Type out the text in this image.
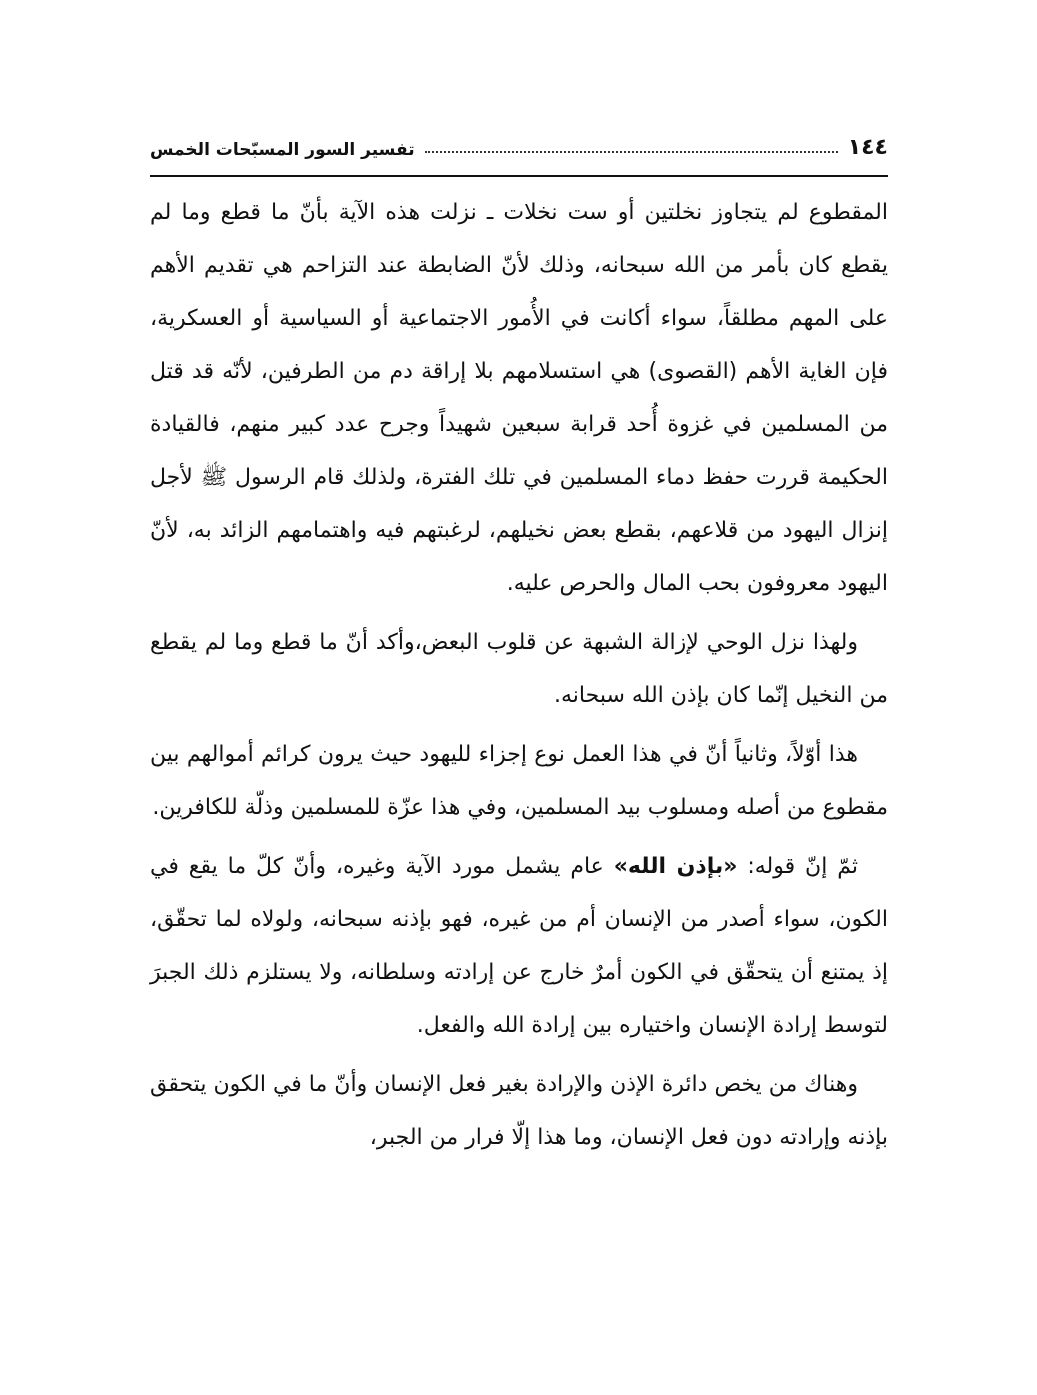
١٤٤
تفسير السور المسبّحات الخمس

المقطوع لم يتجاوز نخلتين أو ست نخلات ـ نزلت هذه الآية بأنّ ما قطع وما لم يقطع كان بأمر من الله سبحانه، وذلك لأنّ الضابطة عند التزاحم هي تقديم الأهم على المهم مطلقاً، سواء أكانت في الأُمور الاجتماعية أو السياسية أو العسكرية، فإن الغاية الأهم (القصوى) هي استسلامهم بلا إراقة دم من الطرفين، لأنّه قد قتل من المسلمين في غزوة أُحد قرابة سبعين شهيداً وجرح عدد كبير منهم، فالقيادة الحكيمة قررت حفظ دماء المسلمين في تلك الفترة، ولذلك قام الرسول ﷺ لأجل إنزال اليهود من قلاعهم، بقطع بعض نخيلهم، لرغبتهم فيه واهتمامهم الزائد به، لأنّ اليهود معروفون بحب المال والحرص عليه.

ولهذا نزل الوحي لإزالة الشبهة عن قلوب البعض،وأكد أنّ ما قطع وما لم يقطع من النخيل إنّما كان بإذن الله سبحانه.

هذا أوّلاً، وثانياً أنّ في هذا العمل نوع إجزاء لليهود حيث يرون كرائم أموالهم بين مقطوع من أصله ومسلوب بيد المسلمين، وفي هذا عزّة للمسلمين وذلّة للكافرين.

ثمّ إنّ قوله: «بإذن الله» عام يشمل مورد الآية وغيره، وأنّ كلّ ما يقع في الكون، سواء أصدر من الإنسان أم من غيره، فهو بإذنه سبحانه، ولولاه لما تحقّق، إذ يمتنع أن يتحقّق في الكون أمرٌ خارج عن إرادته وسلطانه، ولا يستلزم ذلك الجبرَ لتوسط إرادة الإنسان واختياره بين إرادة الله والفعل.

وهناك من يخص دائرة الإذن والإرادة بغير فعل الإنسان وأنّ ما في الكون يتحقق بإذنه وإرادته دون فعل الإنسان، وما هذا إلّا فرار من الجبر،
